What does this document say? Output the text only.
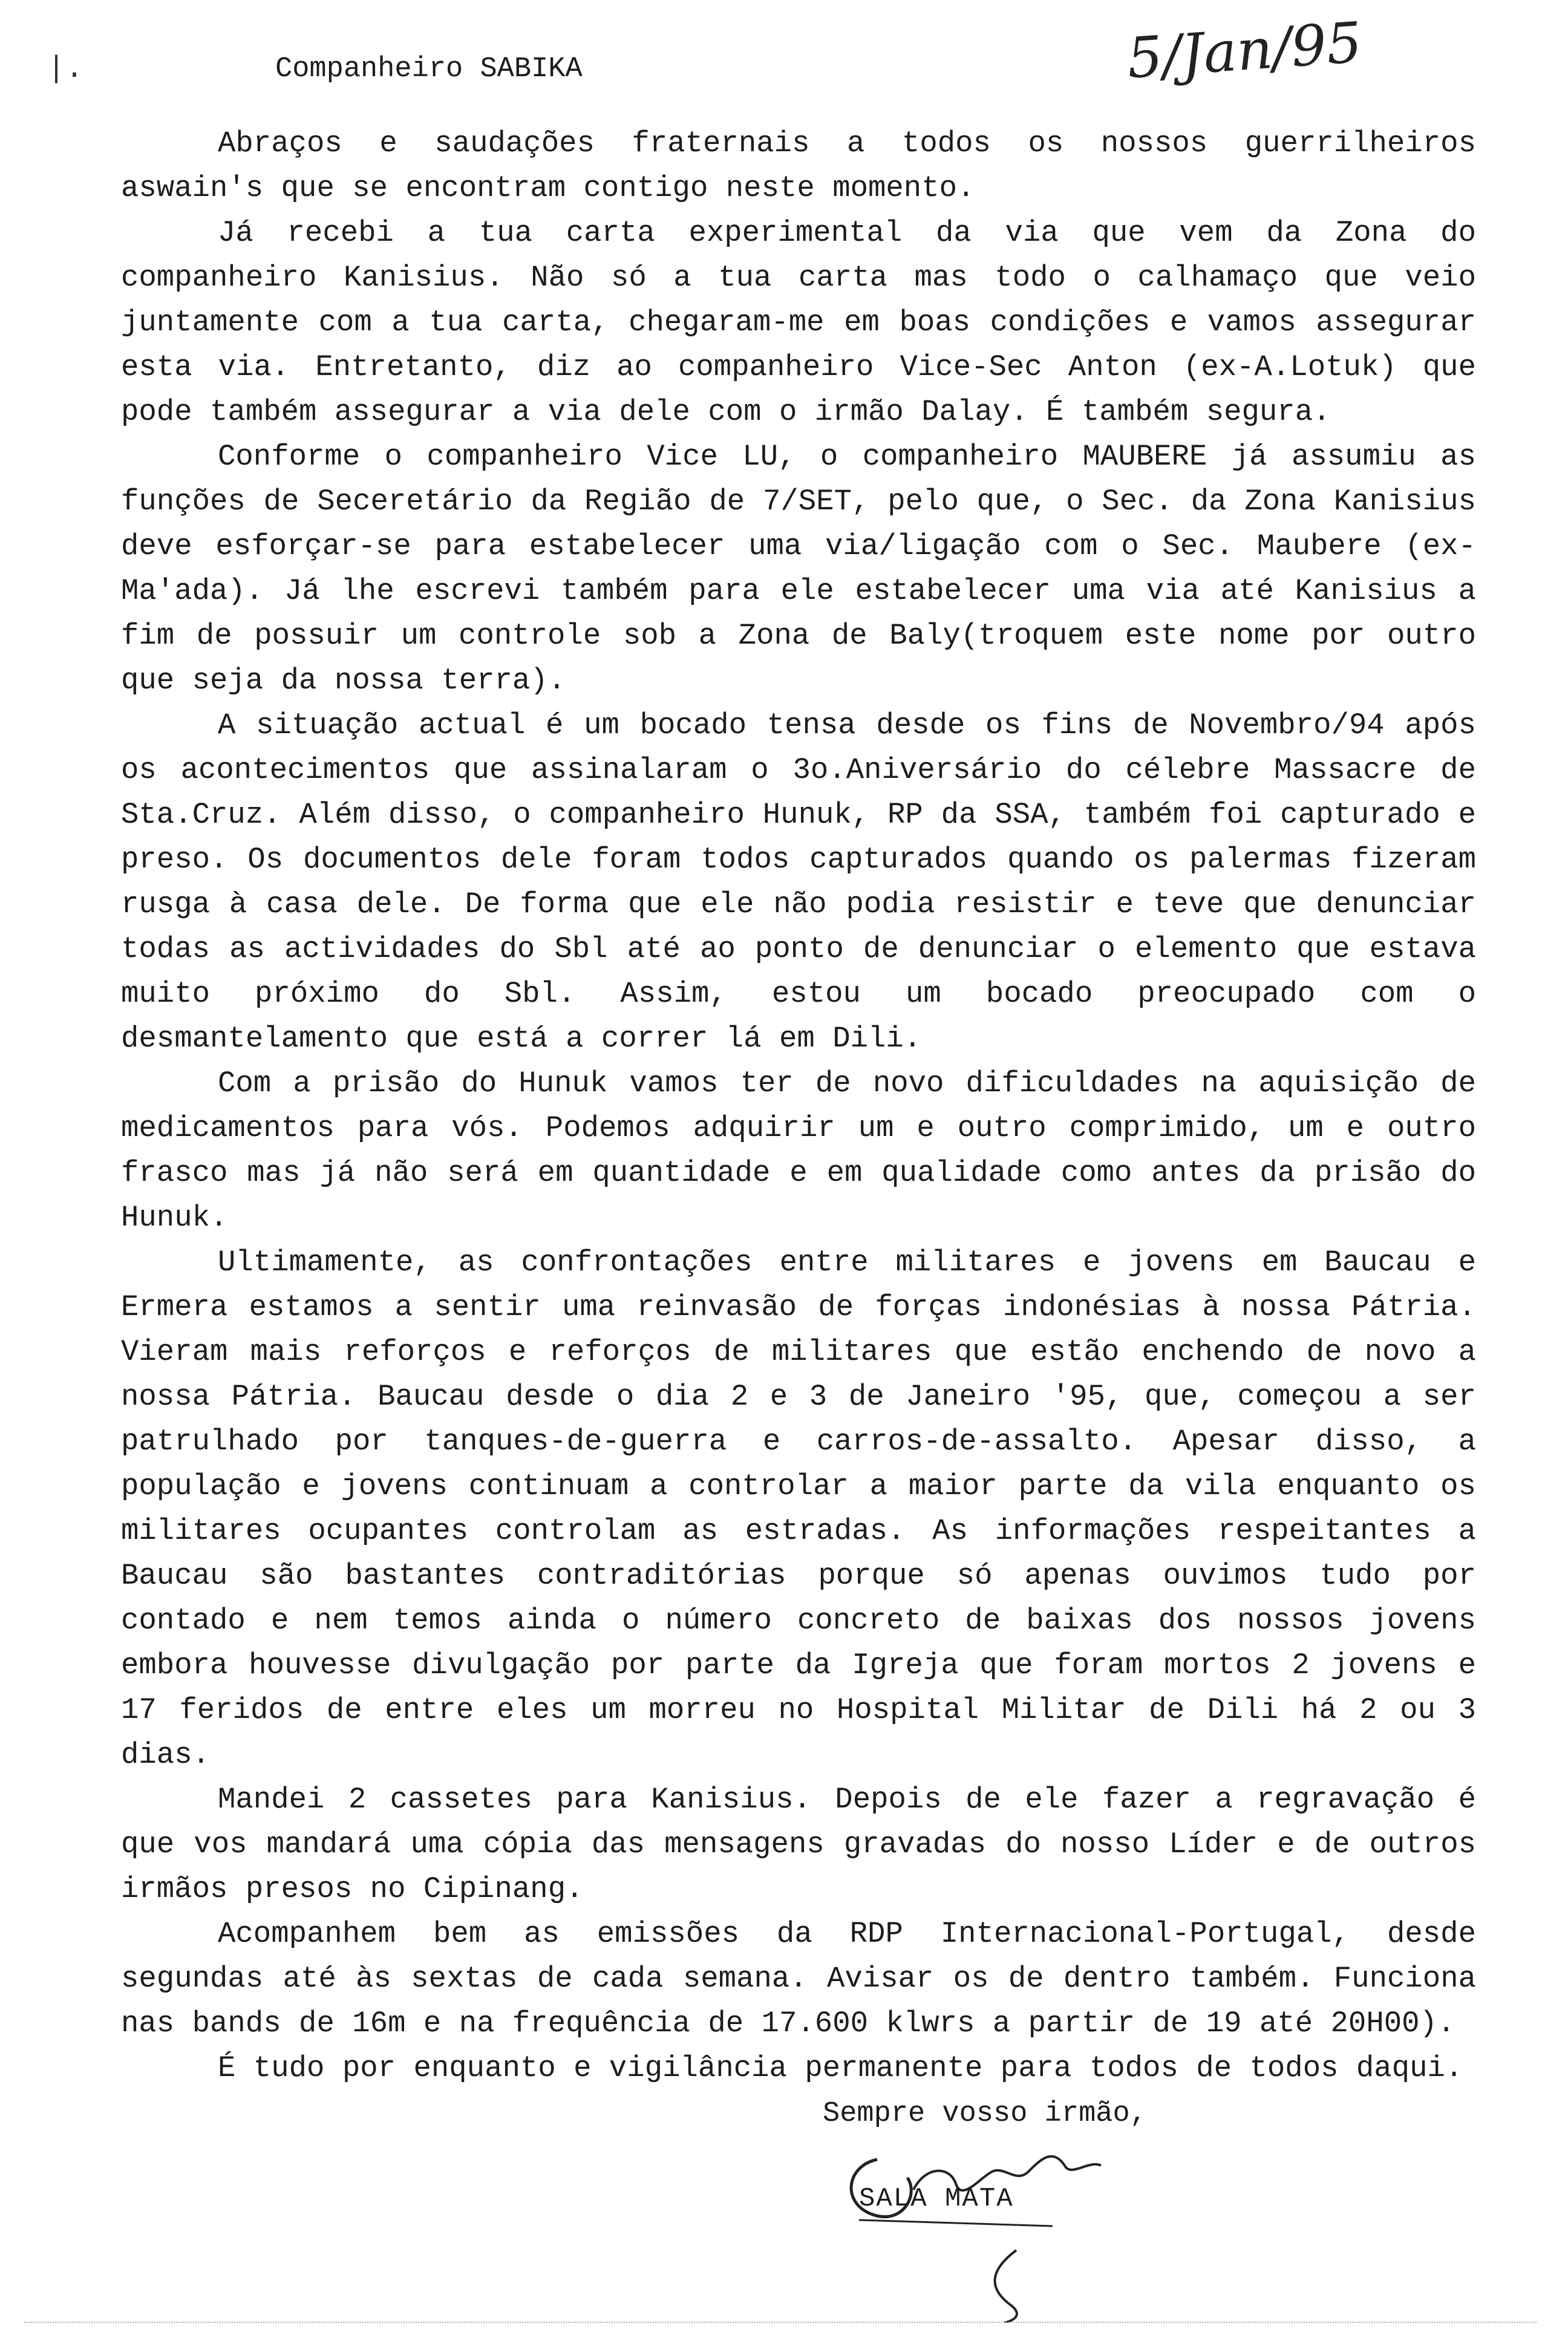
|.	5/Jan/95
Companheiro SABIKA

Abraços e saudações fraternais a todos os nossos guerrilheiros aswain's que se encontram contigo neste momento.

Já recebi a tua carta experimental da via que vem da Zona do companheiro Kanisius. Não só a tua carta mas todo o calhamaço que veio juntamente com a tua carta, chegaram-me em boas condições e vamos assegurar esta via. Entretanto, diz ao companheiro Vice-Sec Anton (ex-A.Lotuk) que pode também assegurar a via dele com o irmão Dalay. É também segura.

Conforme o companheiro Vice LU, o companheiro MAUBERE já assumiu as funções de Seceretário da Região de 7/SET, pelo que, o Sec. da Zona Kanisius deve esforçar-se para estabelecer uma via/ligação com o Sec. Maubere (ex-Ma'ada). Já lhe escrevi também para ele estabelecer uma via até Kanisius a fim de possuir um controle sob a Zona de Baly(troquem este nome por outro que seja da nossa terra).

A situação actual é um bocado tensa desde os fins de Novembro/94 após os acontecimentos que assinalaram o 3o.Aniversário do célebre Massacre de Sta.Cruz. Além disso, o companheiro Hunuk, RP da SSA, também foi capturado e preso. Os documentos dele foram todos capturados quando os palermas fizeram rusga à casa dele. De forma que ele não podia resistir e teve que denunciar todas as actividades do Sbl até ao ponto de denunciar o elemento que estava muito próximo do Sbl. Assim, estou um bocado preocupado com o desmantelamento que está a correr lá em Dili.

Com a prisão do Hunuk vamos ter de novo dificuldades na aquisição de medicamentos para vós. Podemos adquirir um e outro comprimido, um e outro frasco mas já não será em quantidade e em qualidade como antes da prisão do Hunuk.

Ultimamente, as confrontações entre militares e jovens em Baucau e Ermera estamos a sentir uma reinvasão de forças indonésias à nossa Pátria. Vieram mais reforços e reforços de militares que estão enchendo de novo a nossa Pátria. Baucau desde o dia 2 e 3 de Janeiro '95, que, começou a ser patrulhado por tanques-de-guerra e carros-de-assalto. Apesar disso, a população e jovens continuam a controlar a maior parte da vila enquanto os militares ocupantes controlam as estradas. As informações respeitantes a Baucau são bastantes contraditórias porque só apenas ouvimos tudo por contado e nem temos ainda o número concreto de baixas dos nossos jovens embora houvesse divulgação por parte da Igreja que foram mortos 2 jovens e 17 feridos de entre eles um morreu no Hospital Militar de Dili há 2 ou 3 dias.

Mandei 2 cassetes para Kanisius. Depois de ele fazer a regravação é que vos mandará uma cópia das mensagens gravadas do nosso Líder e de outros irmãos presos no Cipinang.

Acompanhem bem as emissões da RDP Internacional-Portugal, desde segundas até às sextas de cada semana. Avisar os de dentro também. Funciona nas bands de 16m e na frequência de 17.600 klwrs a partir de 19 até 20H00).

É tudo por enquanto e vigilância permanente para todos de todos daqui.

Sempre vosso irmão,
SALA MATA
